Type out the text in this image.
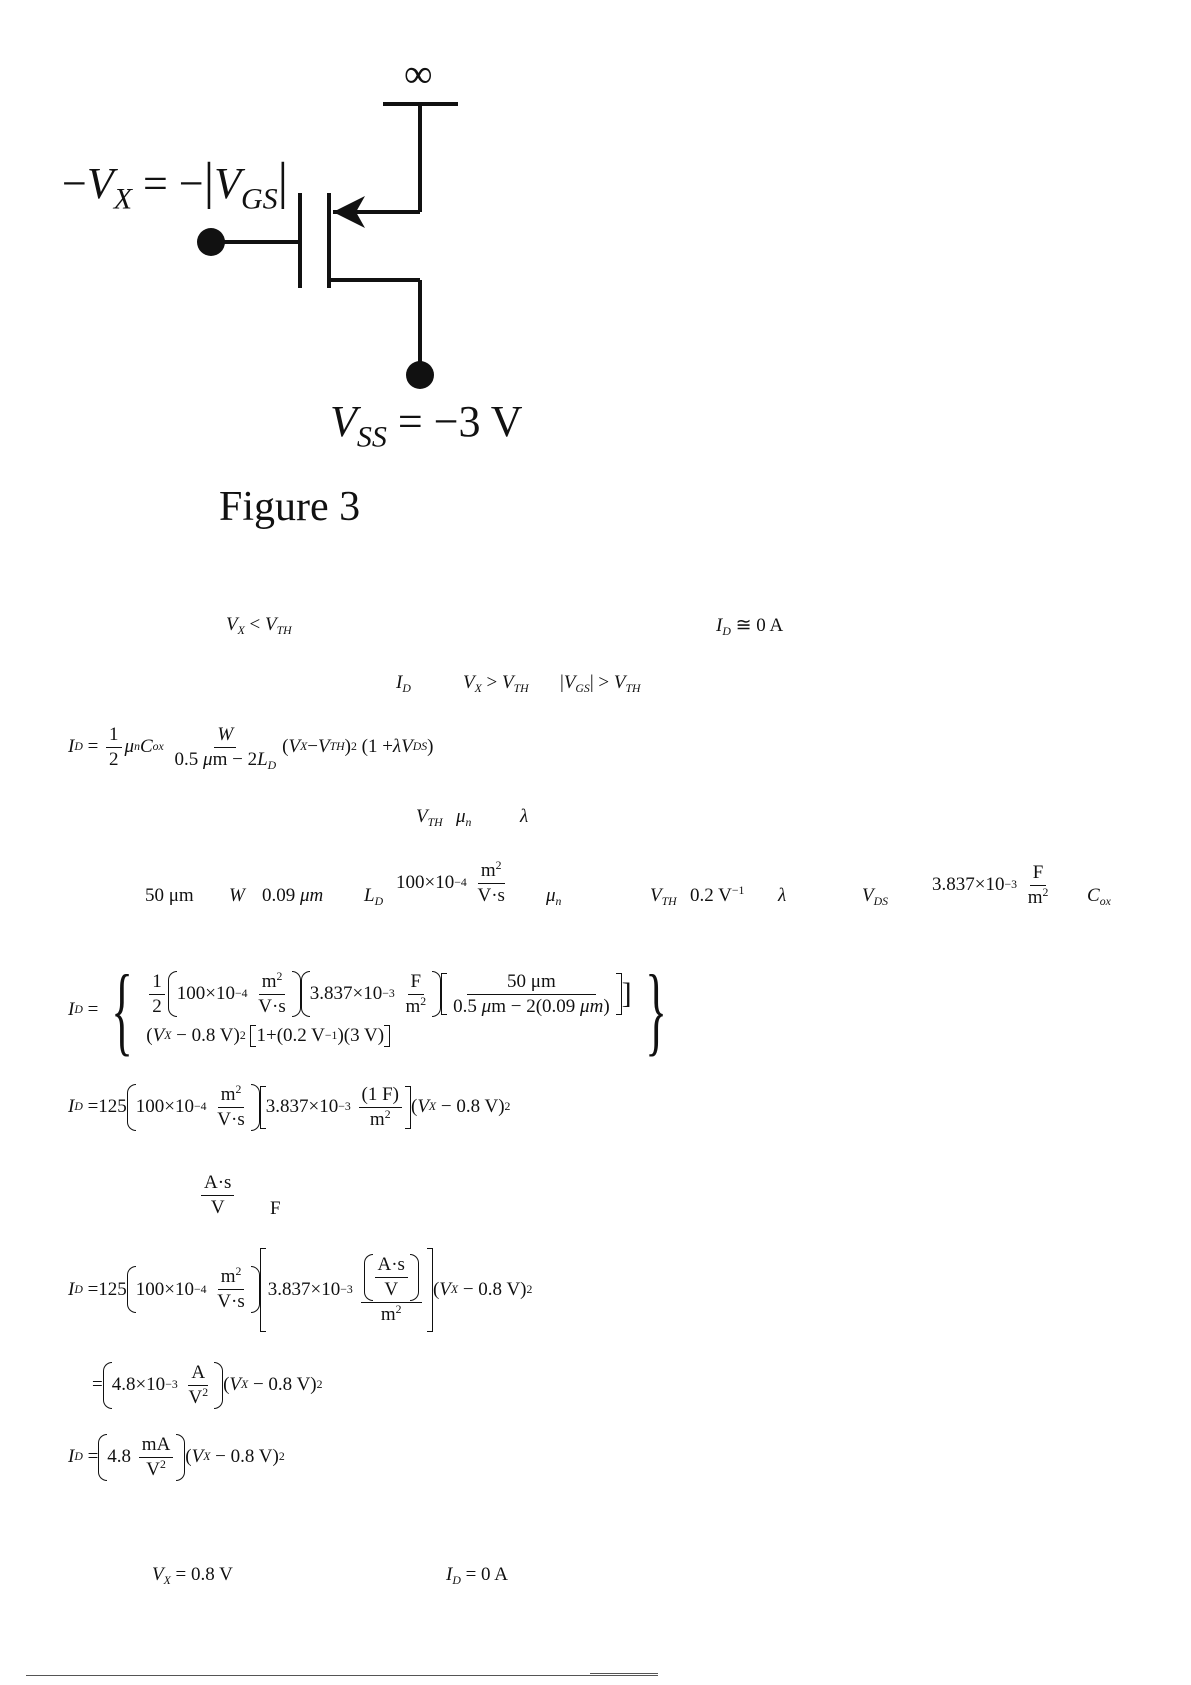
∞
$-V_X = -|V_{GS}|$
$V_{SS} = -3$ V
Figure 3
$V_X < V_{TH}$	$I_D$ ≅ 0 A
$I_D$	$V_X > V_{TH}$ $|V_{GS}| > V_{TH}$
I $D = \frac{1}{2}$ μ n C ox
$\frac{W}{0.5 \mu m - 2L_D}$ ( V X − V TH ) 2 (1 + λV DS )
$V_{TH}$ $\mu_n$	λ
50 μm W 0.09 μm $L_D$
100×10 −4
$\frac{m^2}{V\cdot s} \mu_n$	$V_{TH}$ 0.2 $V^{-1}$ λ	$V_{DS}$
3.837×10 −3
$\frac{F}{m^2} C_{ox}$
I D = { $\frac{1}{2} 100\times 10 -4$
$\frac{m^2}{V\cdot s}$	3.837×10 −3
$\frac{F}{m^2} \frac{50 \mu m}{0.5 \mu m - 2(0.09 \mu m)}$ ]
( V X − 0.8 V) 2
1+(0.2 V −1 )(3 V)	}
I D =125 100×10 −4
$\frac{m^2}{V\cdot s} 3.837\times 10 -3$
$\frac{(1 F)}{m^2}$ ( V X − 0.8 V) 2
$\frac{A\cdot s}{V}$ F
I D =125 100×10 −4
$\frac{m^2}{V\cdot s}$	3.837×10 −3
$\frac{\frac{A\cdot s}{V}}{m^2}$ ( V X − 0.8 V) 2
= 4.8×10 −3
$\frac{A}{V^2}$ ( V X − 0.8 V) 2
I $D = 4.8 \frac{mA}{V^2}$ ( V X − 0.8 V) 2
$V_X = 0.8$ V	$I_D = 0$ A
